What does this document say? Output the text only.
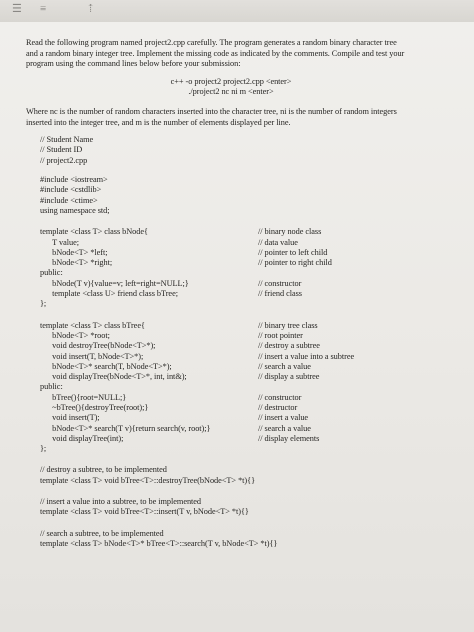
☰ ≡	⇡
Read the following program named project2.cpp carefully. The program generates a random binary character tree
and a random binary integer tree. Implement the missing code as indicated by the comments. Compile and test your
program using the command lines below before your submission:
c++ -o project2 project2.cpp <enter>
./project2 nc ni m <enter>
Where nc is the number of random characters inserted into the character tree, ni is the number of random integers
inserted into the integer tree, and m is the number of elements displayed per line.
// Student Name
// Student ID
// project2.cpp
#include <iostream>
#include <cstdlib>
#include <ctime>
using namespace std;
template <class T> class bNode{	// binary node class
T value;	// data value
bNode<T> *left;	// pointer to left child
bNode<T> *right;	// pointer to right child
public:
bNode(T v){value=v; left=right=NULL;}	// constructor
template <class U> friend class bTree;	// friend class
};
template <class T> class bTree{	// binary tree class
bNode<T> *root;	// root pointer
void destroyTree(bNode<T>*);	// destroy a subtree
void insert(T, bNode<T>*);	// insert a value into a subtree
bNode<T>* search(T, bNode<T>*);	// search a value
void displayTree(bNode<T>*, int, int&);	// display a subtree
public:
bTree(){root=NULL;}	// constructor
~bTree(){destroyTree(root);}	// destructor
void insert(T);	// insert a value
bNode<T>* search(T v){return search(v, root);}	// search a value
void displayTree(int);	// display elements
};
// destroy a subtree, to be implemented
template <class T> void bTree<T>::destroyTree(bNode<T> *t){}
// insert a value into a subtree, to be implemented
template <class T> void bTree<T>::insert(T v, bNode<T> *t){}
// search a subtree, to be implemented
template <class T> bNode<T>* bTree<T>::search(T v, bNode<T> *t){}
